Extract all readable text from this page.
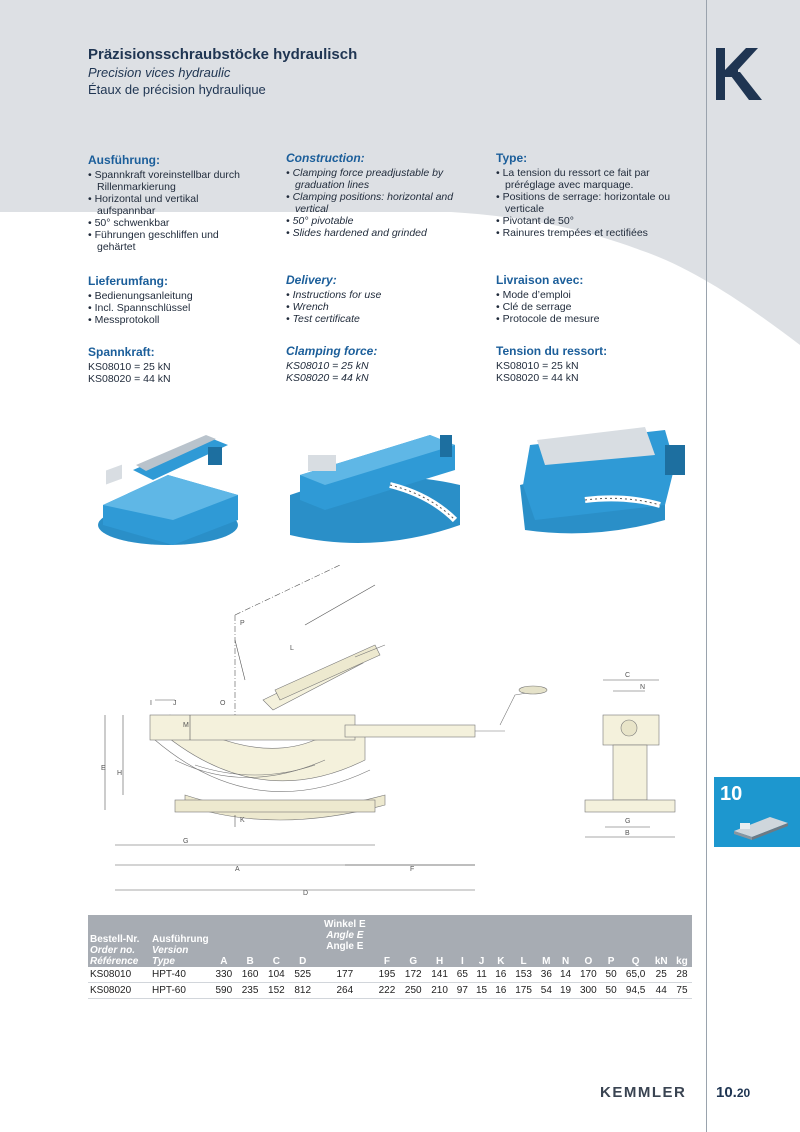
Präzisionsschraubstöcke hydraulisch
Precision vices hydraulic
Étaux de précision hydraulique
Ausführung:
• Spannkraft voreinstellbar durch Rillenmarkierung
• Horizontal und vertikal aufspannbar
• 50° schwenkbar
• Führungen geschliffen und gehärtet
Lieferumfang:
• Bedienungsanleitung
• Incl. Spannschlüssel
• Messprotokoll
Spannkraft:

KS08010 = 25 kN

KS08020 = 44 kN

Construction:
• Clamping force preadjustable by graduation lines
• Clamping positions: horizontal and vertical
• 50° pivotable
• Slides hardened and grinded
Delivery:
• Instructions for use
• Wrench
• Test certificate
Clamping force:

KS08010 = 25 kN

KS08020 = 44 kN

Type:
• La tension du ressort ce fait par préréglage avec marquage.
• Positions de serrage: horizontale ou verticale
• Pivotant de 50°
• Rainures trempées et rectifiées
Livraison avec:
• Mode d’emploi
• Clé de serrage
• Protocole de mesure
Tension du ressort:

KS08010 = 25 kN

KS08020 = 44 kN

P
L
I	J	O
M
E
H
K
G
A	F
D
C
N
G
B
10
Bestell-Nr.
Order no.
Référence	Ausführung
Version
Type	A	B	C	D	Winkel E
Angle E
Angle E	F	G	H	I	J	K	L	M	N	O	P	Q	kN	kg
KS08010	HPT-40	330	160	104	525	177	195	172	141	65	11	16	153	36	14	170	50	65,0	25	28
KS08020	HPT-60	590	235	152	812	264	222	250	210	97	15	16	175	54	19	300	50	94,5	44	75
KEMMLER 10.20
